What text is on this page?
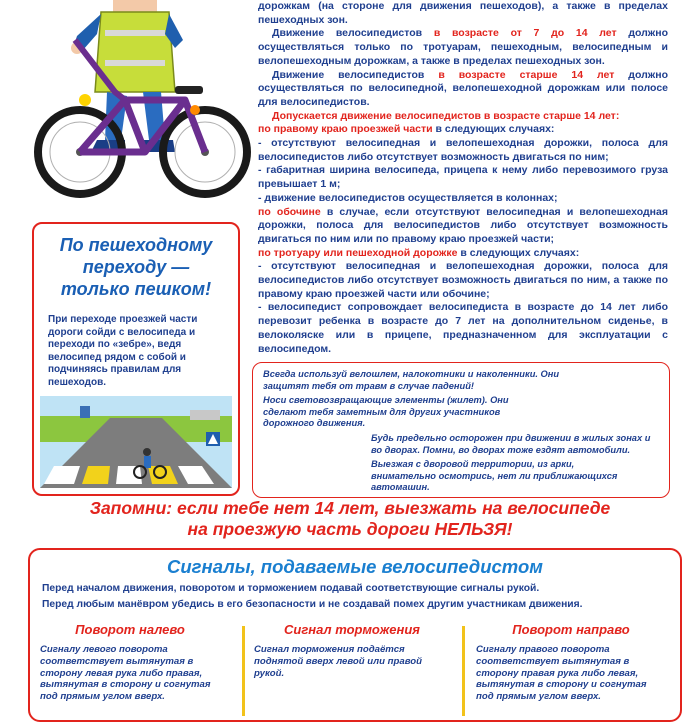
дорожкам (на стороне для движения пешеходов), а также в пределах пешеходных зон.

Движение велосипедистов в возрасте от 7 до 14 лет должно осуществляться только по тротуарам, пешеходным, велосипедным и велопешеходным дорожкам, а также в пределах пешеходных зон.

Движение велосипедистов в возрасте старше 14 лет должно осуществляться по велосипедной, велопешеходной дорожкам или полосе для велосипедистов.

Допускается движение велосипедистов в возрасте старше 14 лет:

по правому краю проезжей части в следующих случаях:

- отсутствуют велосипедная и велопешеходная дорожки, полоса для велосипедистов либо отсутствует возможность двигаться по ним;

- габаритная ширина велосипеда, прицепа к нему либо перевозимого груза превышает 1 м;

- движение велосипедистов осуществляется в колоннах;

по обочине в случае, если отсутствуют велосипедная и велопешеходная дорожки, полоса для велосипедистов либо отсутствует возможность двигаться по ним или по правому краю проезжей части;

по тротуару или пешеходной дорожке в следующих случаях:

- отсутствуют велосипедная и велопешеходная дорожки, полоса для велосипедистов либо отсутствует возможность двигаться по ним, а также по правому краю проезжей части или обочине;

- велосипедист сопровождает велосипедиста в возрасте до 14 лет либо перевозит ребенка в возрасте до 7 лет на дополнительном сиденье, в велоколяске или в прицепе, предназначенном для эксплуатации с велосипедом.

По пешеходному
переходу —
только пешком!
При переходе проезжей части дороги сойди с велосипеда и переходи по «зебре», ведя велосипед рядом с собой и подчиняясь правилам для пешеходов.
Всегда используй велошлем, налокотники и наколенники. Они защитят тебя от травм в случае падений!
Носи световозвращающие элементы (жилет). Они сделают тебя заметным для других участников дорожного движения.
Будь предельно осторожен при движении в жилых зонах и во дворах. Помни, во дворах тоже ездят автомобили.
Выезжая с дворовой территории, из арки, внимательно осмотрись, нет ли приближающихся автомашин.
Запомни: если тебе нет 14 лет, выезжать на велосипеде
на проезжую часть дороги НЕЛЬЗЯ!
Сигналы, подаваемые велосипедистом
Перед началом движения, поворотом и торможением подавай соответствующие сигналы рукой.
Перед любым манёвром убедись в его безопасности и не создавай помех другим участникам движения.
Поворот налево
Сигналу левого поворота соответствует вытянутая в сторону левая рука либо правая, вытянутая в сторону и согнутая под прямым углом вверх.
Сигнал торможения
Сигнал торможения подаётся поднятой вверх левой или правой рукой.
Поворот направо
Сигналу правого поворота соответствует вытянутая в сторону правая рука либо левая, вытянутая в сторону и согнутая под прямым углом вверх.
